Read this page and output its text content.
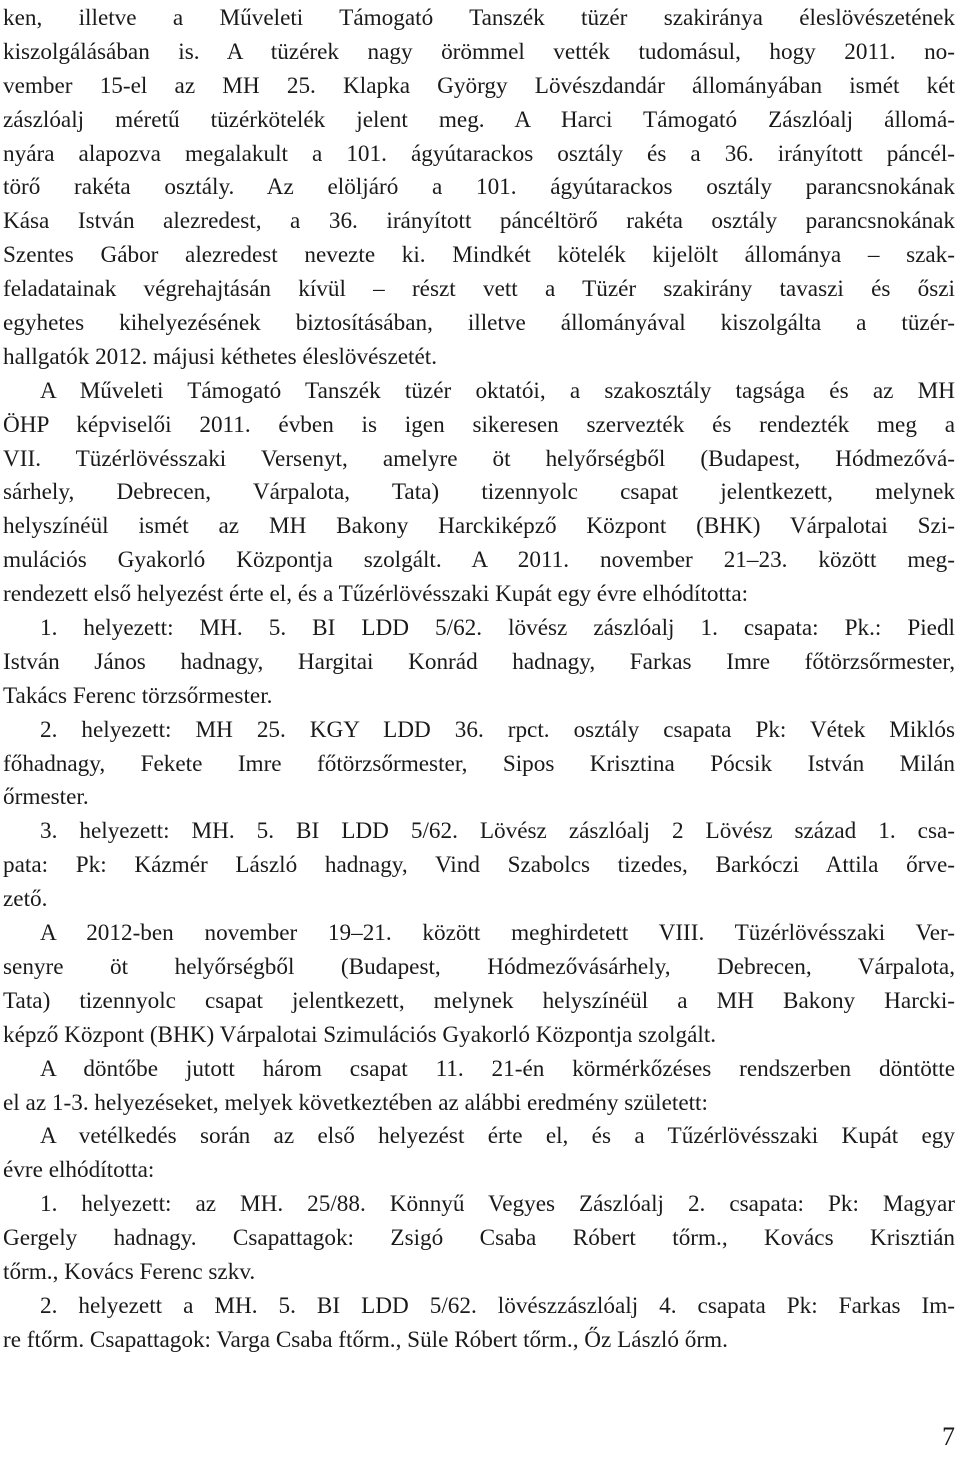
ken, illetve a Műveleti Támogató Tanszék tüzér szakiránya éleslövészetének
kiszolgálásában is. A tüzérek nagy örömmel vették tudomásul, hogy 2011. no-
vember 15-el az MH 25. Klapka György Lövészdandár állományában ismét két
zászlóalj méretű tüzérkötelék jelent meg. A Harci Támogató Zászlóalj állomá-
nyára alapozva megalakult a 101. ágyútarackos osztály és a 36. irányított páncél-
törő rakéta osztály. Az elöljáró a 101. ágyútarackos osztály parancsnokának
Kása István alezredest, a 36. irányított páncéltörő rakéta osztály parancsnokának
Szentes Gábor alezredest nevezte ki. Mindkét kötelék kijelölt állománya – szak-
feladatainak végrehajtásán kívül – részt vett a Tüzér szakirány tavaszi és őszi
egyhetes kihelyezésének biztosításában, illetve állományával kiszolgálta a tüzér-
hallgatók 2012. májusi kéthetes éleslövészetét.
A Műveleti Támogató Tanszék tüzér oktatói, a szakosztály tagsága és az MH
ÖHP képviselői 2011. évben is igen sikeresen szervezték és rendezték meg a
VII. Tüzérlövésszaki Versenyt, amelyre öt helyőrségből (Budapest, Hódmezővá-
sárhely, Debrecen, Várpalota, Tata) tizennyolc csapat jelentkezett, melynek
helyszínéül ismét az MH Bakony Harckiképző Központ (BHK) Várpalotai Szi-
mulációs Gyakorló Központja szolgált. A 2011. november 21–23. között meg-
rendezett első helyezést érte el, és a Tűzérlövésszaki Kupát egy évre elhódította:
1. helyezett: MH. 5. BI LDD 5/62. lövész zászlóalj 1. csapata: Pk.: Piedl
István János hadnagy, Hargitai Konrád hadnagy, Farkas Imre főtörzsőrmester,
Takács Ferenc törzsőrmester.
2. helyezett: MH 25. KGY LDD 36. rpct. osztály csapata Pk: Vétek Miklós
főhadnagy, Fekete Imre főtörzsőrmester, Sipos Krisztina Pócsik István Milán
őrmester.
3. helyezett: MH. 5. BI LDD 5/62. Lövész zászlóalj 2 Lövész század 1. csa-
pata: Pk: Kázmér László hadnagy, Vind Szabolcs tizedes, Barkóczi Attila őrve-
zető.
A 2012-ben november 19–21. között meghirdetett VIII. Tüzérlövésszaki Ver-
senyre öt helyőrségből (Budapest, Hódmezővásárhely, Debrecen, Várpalota,
Tata) tizennyolc csapat jelentkezett, melynek helyszínéül a MH Bakony Harcki-
képző Központ (BHK) Várpalotai Szimulációs Gyakorló Központja szolgált.
A döntőbe jutott három csapat 11. 21-én körmérkőzéses rendszerben döntötte
el az 1-3. helyezéseket, melyek következtében az alábbi eredmény született:
A vetélkedés során az első helyezést érte el, és a Tűzérlövésszaki Kupát egy
évre elhódította:
1. helyezett: az MH. 25/88. Könnyű Vegyes Zászlóalj 2. csapata: Pk: Magyar
Gergely hadnagy. Csapattagok: Zsigó Csaba Róbert tőrm., Kovács Krisztián
tőrm., Kovács Ferenc szkv.
2. helyezett a MH. 5. BI LDD 5/62. lövészzászlóalj 4. csapata Pk: Farkas Im-
re ftőrm. Csapattagok: Varga Csaba ftőrm., Süle Róbert tőrm., Őz László őrm.
7
